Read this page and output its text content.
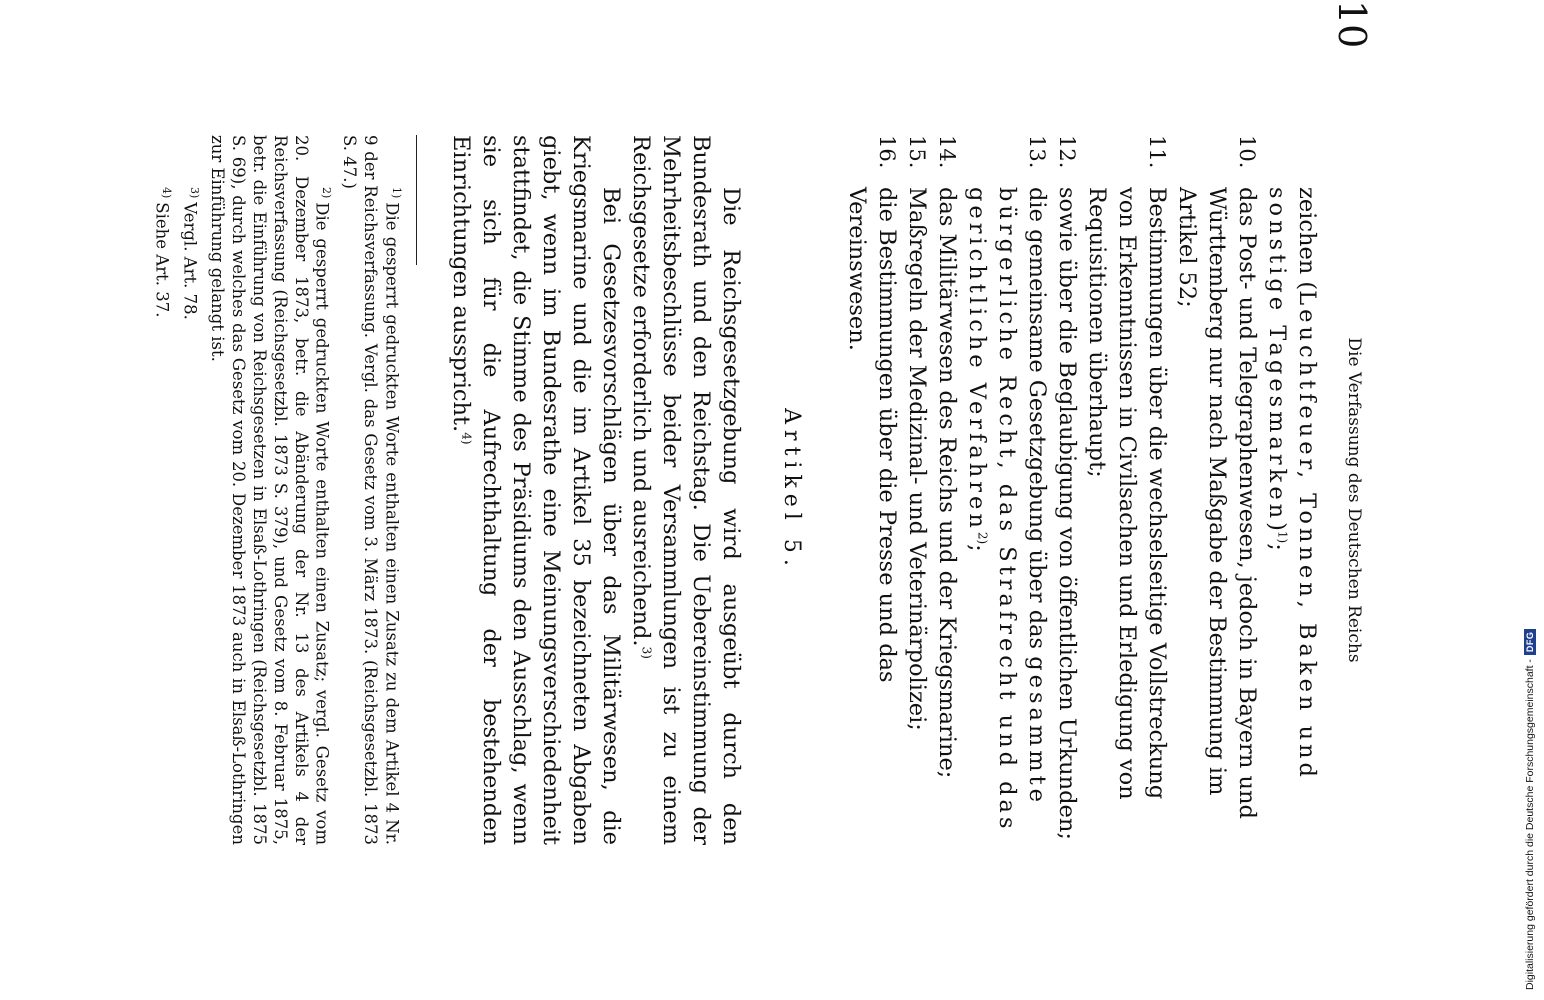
10
Die Verfassung des Deutschen Reichs
zeichen (Leuchtfeuer, Tonnen, Baken und sonstige Tagesmarken)$^{1)}$;
10.
das Post- und Telegraphenwesen, jedoch in Bayern und Württemberg nur nach Maßgabe der Bestimmung im Artikel 52;
11.
Bestimmungen über die wechselseitige Vollstreckung von Erkenntnissen in Civilsachen und Erledigung von Requisitionen überhaupt;
12.
sowie über die Beglaubigung von öffentlichen Urkunden;
13.
die gemeinsame Gesetzgebung über das gesammte bürgerliche Recht, das Strafrecht und das gerichtliche Verfahren$^{2)}$;
14.
das Militärwesen des Reichs und der Kriegsmarine;
15.
Maßregeln der Medizinal- und Veterinärpolizei;
16.
die Bestimmungen über die Presse und das Vereinswesen.
Artikel 5.

Die Reichsgesetzgebung wird ausgeübt durch den Bundesrath und den Reichstag. Die Uebereinstimmung der Mehrheitsbeschlüsse beider Versammlungen ist zu einem Reichsgesetze erforderlich und ausreichend.$^{3)}$

Bei Gesetzesvorschlägen über das Militärwesen, die Kriegsmarine und die im Artikel 35 bezeichneten Abgaben giebt, wenn im Bundesrathe eine Meinungsverschiedenheit stattfindet, die Stimme des Präsidiums den Ausschlag, wenn sie sich für die Aufrechthaltung der bestehenden Einrichtungen ausspricht.$^{4)}$

$^{1)}$Die gesperrt gedruckten Worte enthalten einen Zusatz zu dem Artikel 4 Nr. 9 der Reichsverfassung. Vergl. das Gesetz vom 3. März 1873. (Reichsgesetzbl. 1873 S. 47.)

$^{2)}$Die gesperrt gedruckten Worte enthalten einen Zusatz; vergl. Gesetz vom 20. Dezember 1873, betr. die Abänderung der Nr. 13 des Artikels 4 der Reichsverfassung (Reichsgesetzbl. 1873 S. 379), und Gesetz vom 8. Februar 1875, betr. die Einführung von Reichsgesetzen in Elsaß-Lothringen (Reichsgesetzbl. 1875 S. 69), durch welches das Gesetz vom 20. Dezember 1873 auch in Elsaß-Lothringen zur Einführung gelangt ist.

$^{3)}$Vergl. Art. 78.

$^{4)}$Siehe Art. 37.

Digitalisierung gefördert durch die Deutsche Forschungsgemeinschaft -
DFG
